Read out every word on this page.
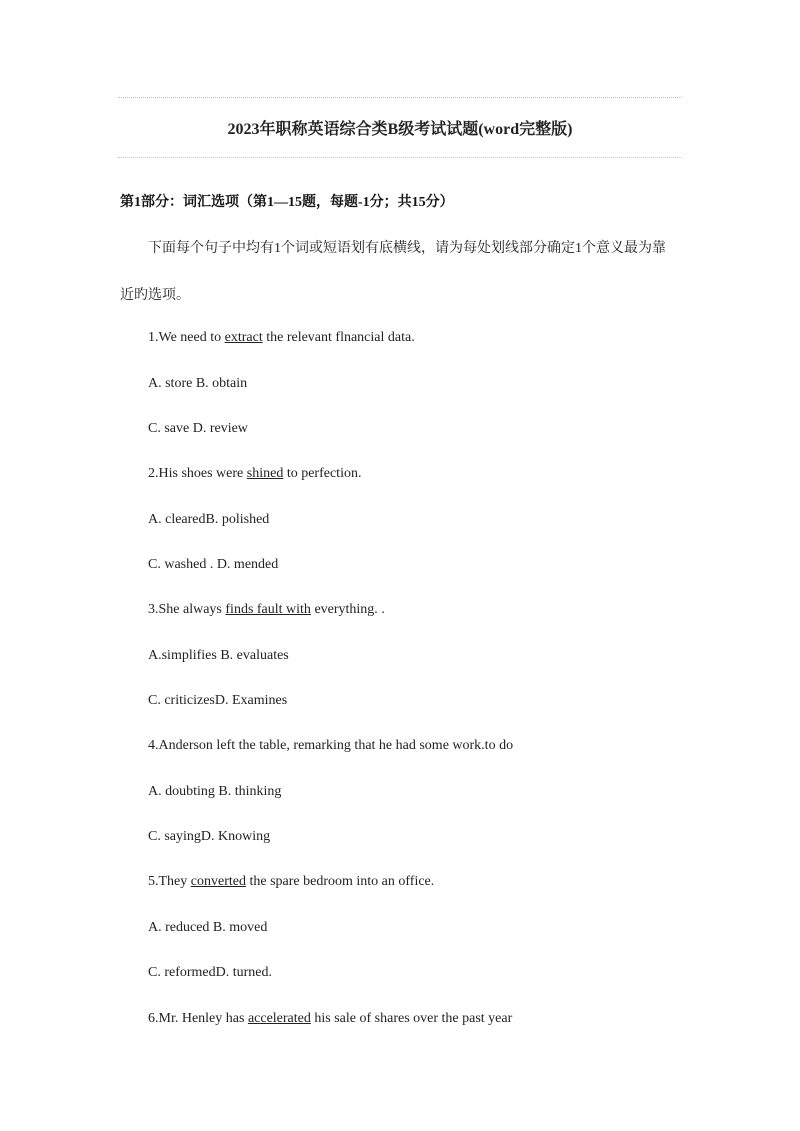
2023年职称英语综合类B级考试试题(word完整版)

第1部分：词汇选项（第1—15题，每题-1分；共15分）

下面每个句子中均有1个词或短语划有底横线，请为每处划线部分确定1个意义最为靠

近旳选项。

1.We need to extract the relevant flnancial data.

A. store B. obtain

C. save D. review

2.His shoes were shined to perfection.

A. clearedB. polished

C. washed . D. mended

3.She always finds fault with everything. .

A.simplifies B. evaluates

C. criticizesD. Examines

4.Anderson left the table, remarking that he had some work.to do

A. doubting B. thinking

C. sayingD. Knowing

5.They converted the spare bedroom into an office.

A. reduced B. moved

C. reformedD. turned.

6.Mr. Henley has accelerated his sale of shares over the past year
